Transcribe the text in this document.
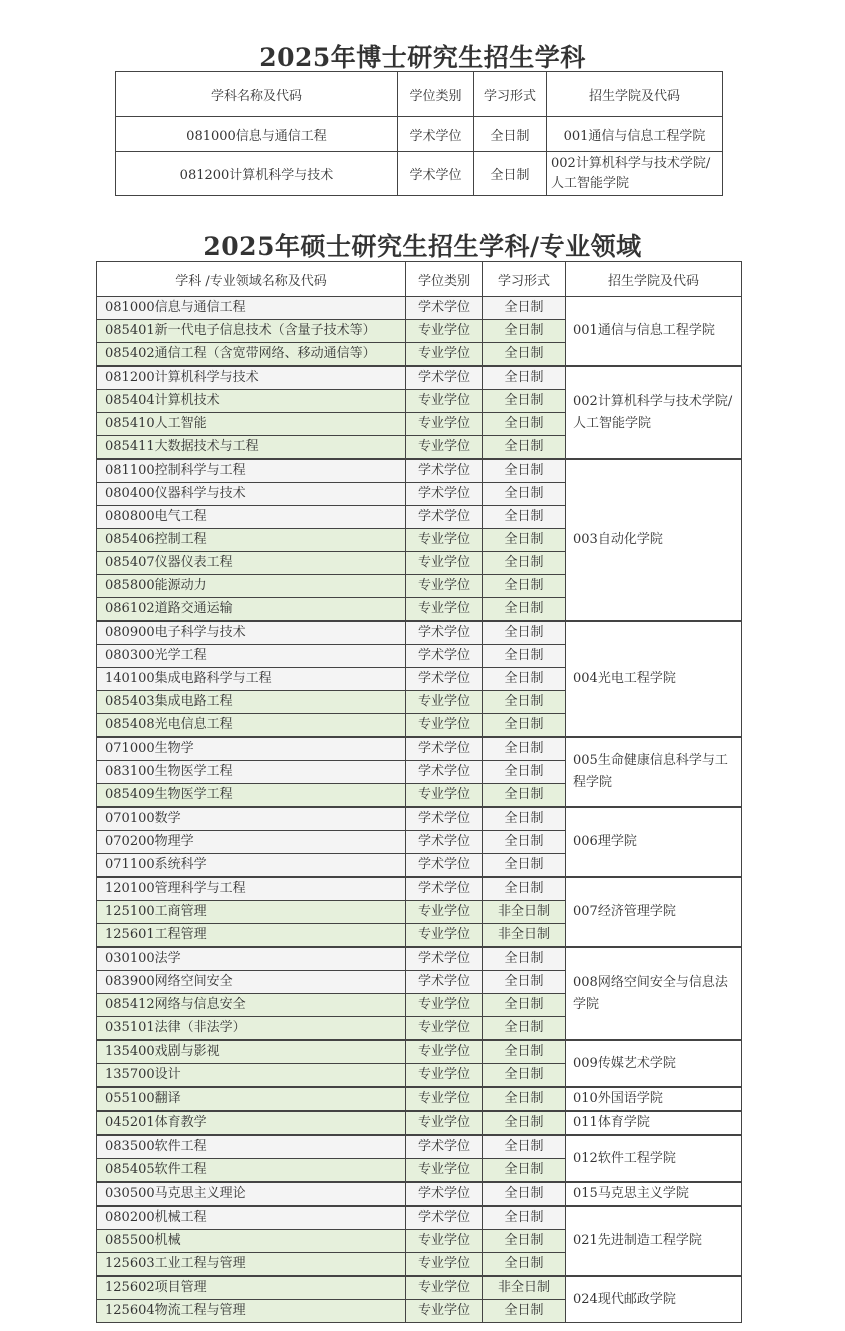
2025年博士研究生招生学科
学科名称及代码	学位类别	学习形式	招生学院及代码
081000信息与通信工程	学术学位	全日制	001通信与信息工程学院
081200计算机科学与技术	学术学位	全日制	002计算机科学与技术学院/人工智能学院
2025年硕士研究生招生学科/专业领域
学科 /专业领域名称及代码	学位类别	学习形式	招生学院及代码
081000信息与通信工程	学术学位	全日制	001通信与信息工程学院
085401新一代电子信息技术（含量子技术等）	专业学位	全日制	
085402通信工程（含宽带网络、移动通信等）	专业学位	全日制	
081200计算机科学与技术	学术学位	全日制	002计算机科学与技术学院/人工智能学院
085404计算机技术	专业学位	全日制	
085410人工智能	专业学位	全日制	
085411大数据技术与工程	专业学位	全日制	
081100控制科学与工程	学术学位	全日制	003自动化学院
080400仪器科学与技术	学术学位	全日制	
080800电气工程	学术学位	全日制	
085406控制工程	专业学位	全日制	
085407仪器仪表工程	专业学位	全日制	
085800能源动力	专业学位	全日制	
086102道路交通运输	专业学位	全日制	
080900电子科学与技术	学术学位	全日制	004光电工程学院
080300光学工程	学术学位	全日制	
140100集成电路科学与工程	学术学位	全日制	
085403集成电路工程	专业学位	全日制	
085408光电信息工程	专业学位	全日制	
071000生物学	学术学位	全日制	005生命健康信息科学与工程学院
083100生物医学工程	学术学位	全日制	
085409生物医学工程	专业学位	全日制	
070100数学	学术学位	全日制	006理学院
070200物理学	学术学位	全日制	
071100系统科学	学术学位	全日制	
120100管理科学与工程	学术学位	全日制	007经济管理学院
125100工商管理	专业学位	非全日制	
125601工程管理	专业学位	非全日制	
030100法学	学术学位	全日制	008网络空间安全与信息法学院
083900网络空间安全	学术学位	全日制	
085412网络与信息安全	专业学位	全日制	
035101法律（非法学）	专业学位	全日制	
135400戏剧与影视	专业学位	全日制	009传媒艺术学院
135700设计	专业学位	全日制	
055100翻译	专业学位	全日制	010外国语学院
045201体育教学	专业学位	全日制	011体育学院
083500软件工程	学术学位	全日制	012软件工程学院
085405软件工程	专业学位	全日制	
030500马克思主义理论	学术学位	全日制	015马克思主义学院
080200机械工程	学术学位	全日制	021先进制造工程学院
085500机械	专业学位	全日制	
125603工业工程与管理	专业学位	全日制	
125602项目管理	专业学位	非全日制	024现代邮政学院
125604物流工程与管理	专业学位	全日制	
